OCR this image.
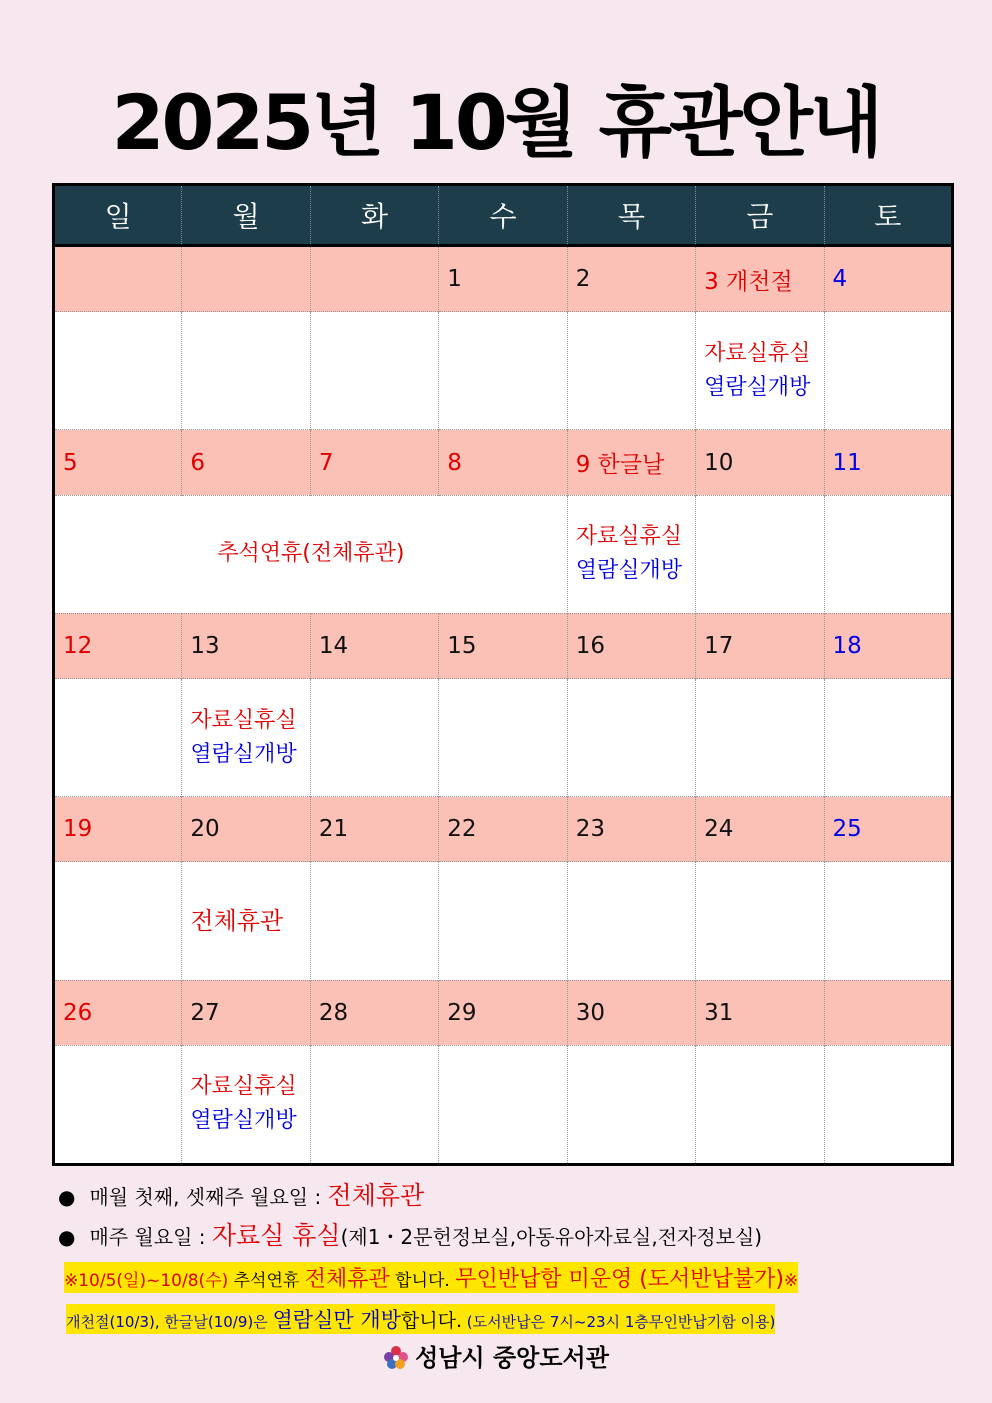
2025년 10월 휴관안내
일	월	화	수	목	금	토
			1	2	3 개천절	4

					자료실휴실
열람실개방	

5	6	7	8	9 한글날	10	11
추석연휴(전체휴관)				자료실휴실
열람실개방		

12	13	14	15	16	17	18

	자료실휴실
열람실개방					

19	20	21	22	23	24	25

	전체휴관					

26	27	28	29	30	31	

	자료실휴실
열람실개방					

● 매월 첫째, 셋째주 월요일 : 전체휴관
● 매주 월요일 : 자료실 휴실(제1・2문헌정보실,아동유아자료실,전자정보실)
※10/5(일)~10/8(수) 추석연휴 전체휴관 합니다. 무인반납함 미운영 (도서반납불가)※
개천절(10/3), 한글날(10/9)은 열람실만 개방합니다. (도서반납은 7시~23시 1층무인반납기함 이용)
성남시 중앙도서관
